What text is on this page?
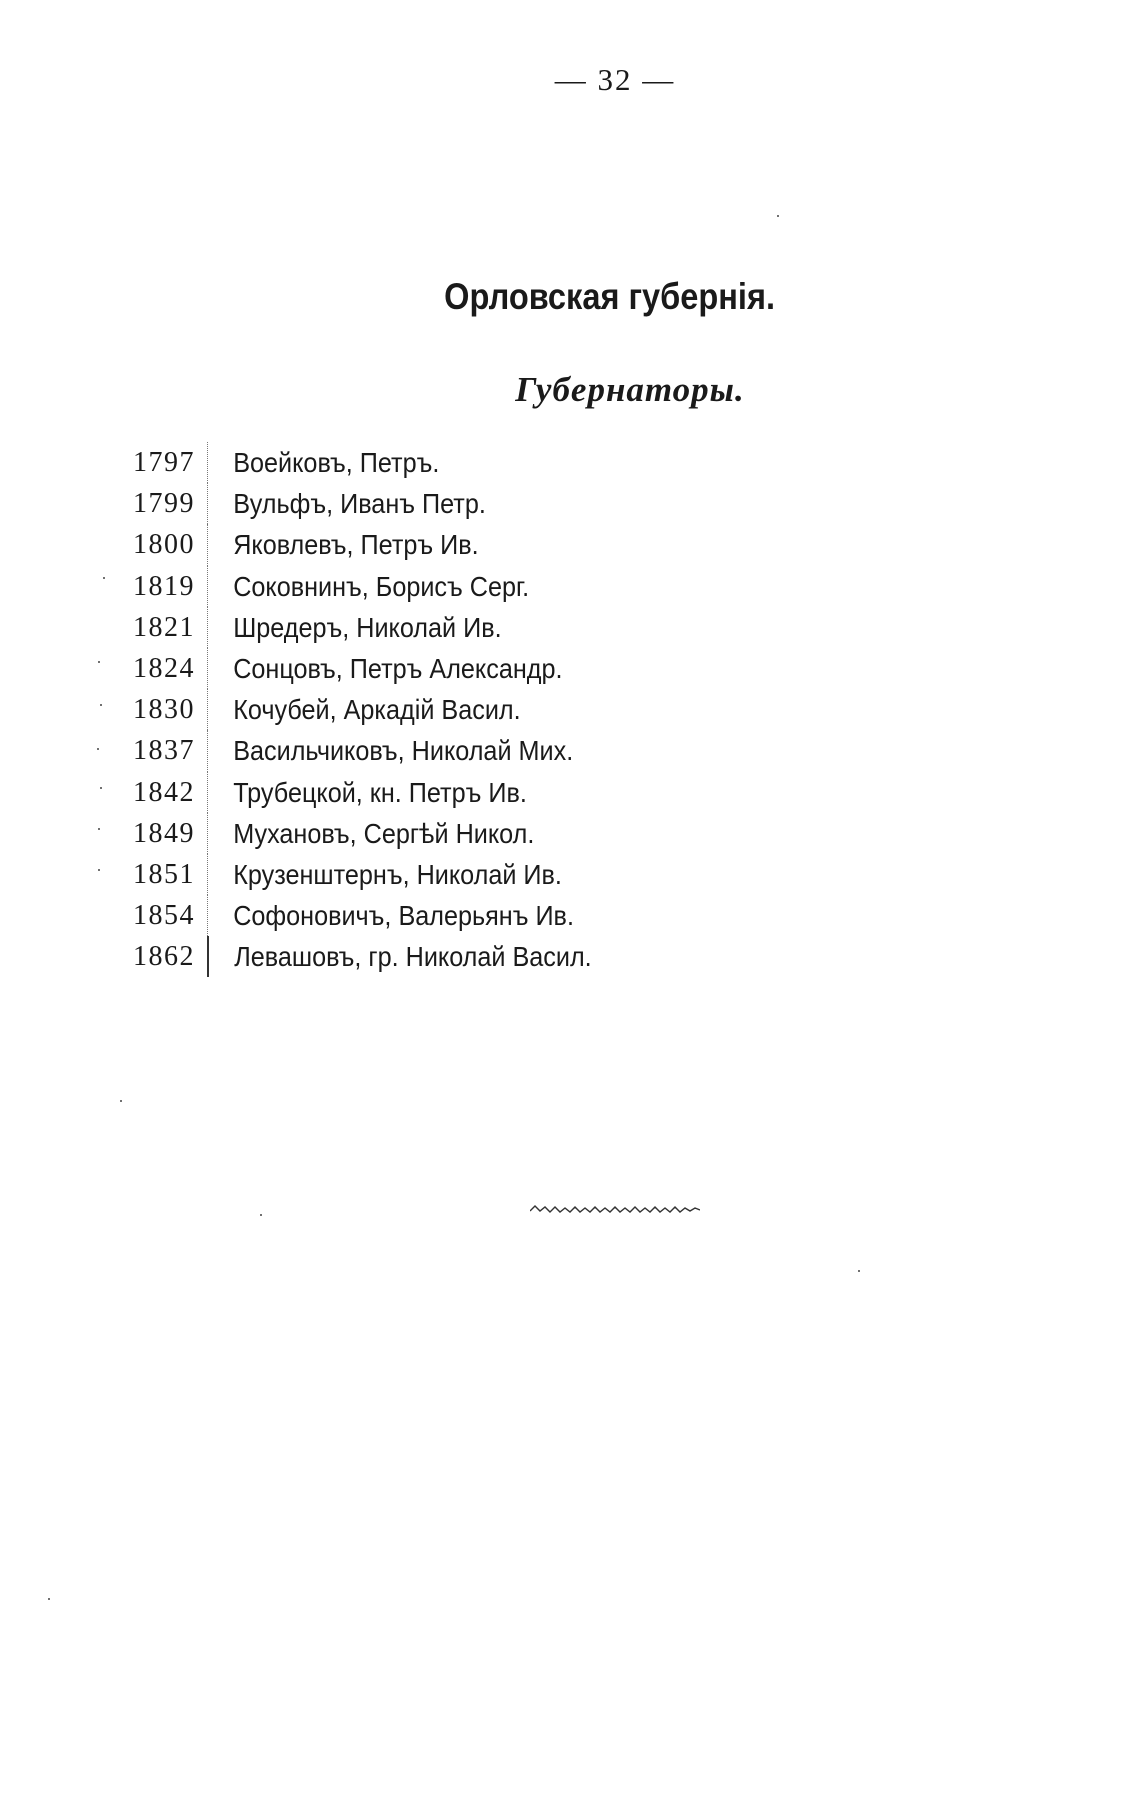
— 32 —
Орловская губернія.
Губернаторы.
1797	Воейковъ, Петръ.
1799	Вульфъ, Иванъ Петр.
1800	Яковлевъ, Петръ Ив.
1819	Соковнинъ, Борисъ Серг.
1821	Шредеръ, Николай Ив.
1824	Сонцовъ, Петръ Александр.
1830	Кочубей, Аркадій Васил.
1837	Васильчиковъ, Николай Мих.
1842	Трубецкой, кн. Петръ Ив.
1849	Мухановъ, Сергѣй Никол.
1851	Крузенштернъ, Николай Ив.
1854	Софоновичъ, Валерьянъ Ив.
1862	Левашовъ, гр. Николай Васил.
